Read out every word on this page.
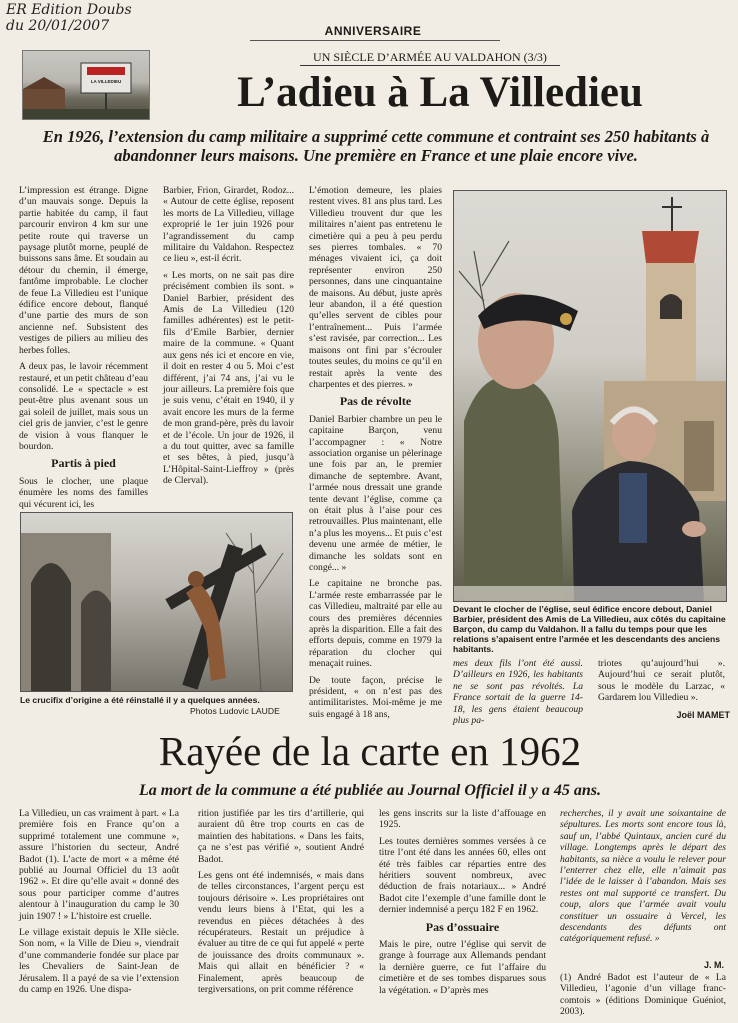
ER Edition Doubs
du 20/01/2007	ANNIVERSAIRE
LA VILLEDIEU
UN SIÈCLE D’ARMÉE AU VALDAHON (3/3)
L’adieu à La Villedieu
En 1926, l’extension du camp militaire a supprimé cette commune et contraint ses 250 habitants à abandonner leurs maisons. Une première en France et une plaie encore vive.

L’impression est étrange. Digne d’un mauvais songe. Depuis la partie habitée du camp, il faut parcourir environ 4 km sur une petite route qui traverse un paysage plutôt morne, peuplé de buissons sans âme. Et soudain au détour du chemin, il émerge, fantôme improbable. Le clocher de feue La Villedieu est l’unique édifice encore debout, flanqué d’une partie des murs de son ancienne nef. Subsistent des vestiges de piliers au milieu des herbes folles.

A deux pas, le lavoir récemment restauré, et un petit château d’eau consolidé. Le « spectacle » est peut-être plus avenant sous un gai soleil de juillet, mais sous un ciel gris de janvier, c’est le genre de vision à vous flanquer le bourdon.

Partis à pied

Sous le clocher, une plaque énumère les noms des familles qui vécurent ici, les

Barbier, Frion, Girardet, Rodoz... « Autour de cette église, reposent les morts de La Villedieu, village exproprié le 1er juin 1926 pour l’agrandissement du camp militaire du Valdahon. Respectez ce lieu », est-il écrit.

« Les morts, on ne sait pas dire précisément combien ils sont. » Daniel Barbier, président des Amis de La Villedieu (120 familles adhérentes) est le petit-fils d’Emile Barbier, dernier maire de la commune. « Quant aux gens nés ici et encore en vie, il doit en rester 4 ou 5. Moi c’est différent, j’ai 74 ans, j’ai vu le jour ailleurs. La première fois que je suis venu, c’était en 1940, il y avait encore les murs de la ferme de mon grand-père, près du lavoir et de l’école. Un jour de 1926, il a du tout quitter, avec sa famille et ses bêtes, à pied, jusqu’à L’Hôpital-Saint-Lieffroy » (près de Clerval).

L’émotion demeure, les plaies restent vives. 81 ans plus tard. Les Villedieu trouvent dur que les militaires n’aient pas entretenu le cimetière qui a peu à peu perdu ses pierres tombales. « 70 ménages vivaient ici, ça doit représenter environ 250 personnes, dans une cinquantaine de maisons. Au début, juste après leur abandon, il a été question qu’elles servent de cibles pour l’entraînement... Puis l’armée s’est ravisée, par correction... Les maisons ont fini par s’écrouler toutes seules, du moins ce qu’il en restait après la vente des charpentes et des pierres. »

Pas de révolte

Daniel Barbier chambre un peu le capitaine Barçon, venu l’accompagner : « Notre association organise un pèlerinage une fois par an, le premier dimanche de septembre. Avant, l’armée nous dressait une grande tente devant l’église, comme ça on était plus à l’aise pour ces retrouvailles. Plus maintenant, elle n’a plus les moyens... Et puis c’est devenu une armée de métier, le dimanche les soldats sont en congé... »

Le capitaine ne bronche pas. L’armée reste embarrassée par le cas Villedieu, maltraité par elle au cours des premières décennies après la disparition. Elle a fait des efforts depuis, comme en 1979 la réparation du clocher qui menaçait ruines.

De toute façon, précise le président, « on n’est pas des antimilitaristes. Moi-même je me suis engagé à 18 ans,

Devant le clocher de l’église, seul édifice encore debout, Daniel Barbier, président des Amis de La Villedieu, aux côtés du capitaine Barçon, du camp du Valdahon. Il a fallu du temps pour que les relations s’apaisent entre l’armée et les descendants des anciens habitants.
Le crucifix d’origine a été réinstallé il y a quelques années.
Photos Ludovic LAUDE
mes deux fils l’ont été aussi. D’ailleurs en 1926, les habitants ne se sont pas révoltés. La France sortait de la guerre 14-18, les gens étaient beaucoup plus pa-
triotes qu’aujourd’hui ». Aujourd’hui ce serait plutôt, sous le modèle du Larzac, « Gardarem lou Villedieu ».
Joël MAMET
Rayée de la carte en 1962
La mort de la commune a été publiée au Journal Officiel il y a 45 ans.

La Villedieu, un cas vraiment à part. « La première fois en France qu’on a supprimé totalement une commune », assure l’historien du secteur, André Badot (1). L’acte de mort « a même été publié au Journal Officiel du 13 août 1962 ». Et dire qu’elle avait « donné des sous pour participer comme d’autres alentour à l’inauguration du camp le 30 juin 1907 ! » L’histoire est cruelle.

Le village existait depuis le XIIe siècle. Son nom, « la Ville de Dieu », viendrait d’une commanderie fondée sur place par les Chevaliers de Saint-Jean de Jérusalem. Il a payé de sa vie l’extension du camp en 1926. Une dispa-

rition justifiée par les tirs d’artillerie, qui auraient dû être trop courts en cas de maintien des habitations. « Dans les faits, ça ne s’est pas vérifié », soutient André Badot.

Les gens ont été indemnisés, « mais dans de telles circonstances, l’argent perçu est toujours dérisoire ». Les propriétaires ont vendu leurs biens à l’Etat, qui les a revendus en pièces détachées à des récupérateurs. Restait un préjudice à évaluer au titre de ce qui fut appelé « perte de jouissance des droits communaux ». Mais qui allait en bénéficier ? « Finalement, après beaucoup de tergiversations, on prit comme référence

les gens inscrits sur la liste d’affouage en 1925.

Les toutes dernières sommes versées à ce titre l’ont été dans les années 60, elles ont été très faibles car réparties entre des héritiers souvent nombreux, avec déduction de frais notariaux... » André Badot cite l’exemple d’une famille dont le dernier indemnisé a perçu 182 F en 1962.

Pas d’ossuaire

Mais le pire, outre l’église qui servit de grange à fourrage aux Allemands pendant la dernière guerre, ce fut l’affaire du cimetière et de ses tombes disparues sous la végétation. « D’après mes

recherches, il y avait une soixantaine de sépultures. Les morts sont encore tous là, sauf un, l’abbé Quintaux, ancien curé du village. Longtemps après le départ des habitants, sa nièce a voulu le relever pour l’enterrer chez elle, elle n’aimait pas l’idée de le laisser à l’abandon. Mais ses restes ont mal supporté ce transfert. Du coup, alors que l’armée avait voulu constituer un ossuaire à Vercel, les descendants des défunts ont catégoriquement refusé. »
J. M.
(1) André Badot est l’auteur de « La Villedieu, l’agonie d’un village franc-comtois » (éditions Dominique Guéniot, 2003).
